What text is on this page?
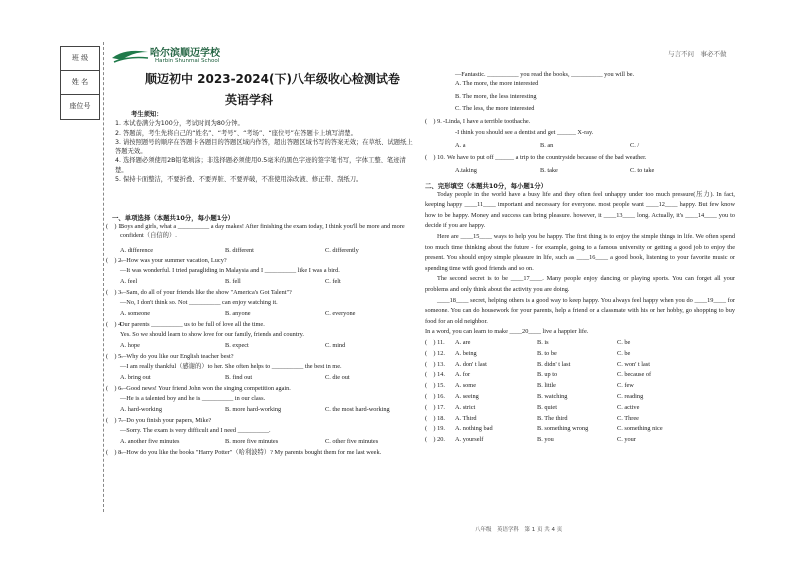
班 级
姓 名
座位号
哈尔滨顺迈学校
Harbin Shunmai School
与言不问　事必不做
顺迈初中 2023-2024(下)八年级收心检测试卷
英语学科

考生须知：

1. 本试卷满分为100分，考试时间为80分钟。

2. 答题前，考生先将自己的“姓名”、“考号”、“考场”、“座位号”在答题卡上填写清楚。

3. 请按照题号的顺序在答题卡各题目的答题区域内作答，超出答题区域书写的答案无效；在草纸、试题纸上答题无效。

4. 选择题必须使用2B铅笔填涂；非选择题必须使用0.5毫米的黑色字迹的签字笔书写，字体工整、笔迹清楚。

5. 保持卡面整洁，不要折叠、不要弄脏、不要弄破，不准使用涂改液、修正带、刮纸刀。

一、单项选择（本题共10分，每小题1分）
(　) 1.
Boys and girls, what a __________ a day makes! After finishing the exam today, I think you'll be more and more confident（自信的）.
A. difference	B. different	C. differently
(　) 2.
—How was your summer vacation, Lucy?
—It was wonderful. I tried paragliding in Malaysia and I __________ like I was a bird.
A. feel	B. fell	C. felt
(　) 3.
—Sam, do all of your friends like the show "America's Got Talent"?
—No, I don't think so. Not __________ can enjoy watching it.
A. someone	B. anyone	C. everyone
(　) 4.
Our parents __________ us to be full of love all the time.
Yes. So we should learn to show love for our family, friends and country.
A. hope	B. expect	C. mind
(　) 5.
—Why do you like our English teacher best?
—I am really thankful（感谢的）to her. She often helps to __________ the best in me.
A. bring out	B. find out	C. die out
(　) 6.
—Good news! Your friend John won the singing competition again.
—He is a talented boy and he is __________ in our class.
A. hard-working	B. more hard-working	C. the most hard-working
(　) 7.
—Do you finish your papers, Mike?
—Sorry. The exam is very difficult and I need __________.
A. another five minutes	B. more five minutes	C. other five minutes
(　) 8.
—How do you like the books "Harry Potter"（哈利波特）? My parents bought them for me last week.
—Fantastic. __________ you read the books, __________ you will be.
A. The more, the more interested
B. The more, the less interesting
C. The less, the more interested
(　) 9. -Linda, I have a terrible toothache.
-I think you should see a dentist and get ______ X-ray.
A. a	B. an	C. /
(　) 10. We have to put off ______ a trip to the countryside because of the bad weather.
A.taking	B. take	C. to take
二、完形填空（本题共10分，每小题1分）
Today people in the world have a busy life and they often feel unhappy under too much pressure(压力). In fact, keeping happy ____11____ important and necessary for everyone. most people want ____12____ happy. But few know how to be happy. Money and success can bring pleasure. however, it ____13____ long. Actually, it's ____14____ you to decide if you are happy.
Here are ____15____ ways to help you be happy. The first thing is to enjoy the simple things in life. We often spend too much time thinking about the future - for example, going to a famous university or getting a good job to enjoy the present. You should enjoy simple pleasure in life, such as ____16____ a good book, listening to your favorite music or spending time with good friends and so on.
The second secret is to be ____17____. Many people enjoy dancing or playing sports. You can forget all your problems and only think about the activity you are doing.
____18____ secret, helping others is a good way to keep happy. You always feel happy when you do ____19____ for someone. You can do housework for your parents, help a friend or a classmate with his or her hobby, go shopping to buy food for an old neighbor.
In a word, you can learn to make ____20____ live a happier life.
(　) 11. A. are	B. is	C. be
(　) 12. A. being	B. to be	C. be
(　) 13. A. don' t last	B. didn' t last	C. won' t last
(　) 14. A. for	B. up to	C. because of
(　) 15. A. some	B. little	C. few
(　) 16. A. seeing	B. watching	C. reading
(　) 17. A. strict	B. quiet	C. active
(　) 18. A. Third	B. The third	C. Three
(　) 19. A. nothing bad	B. something wrong	C. something nice
(　) 20. A. yourself	B. you	C. your
八年级　英语学科　第 1 页 共 4 页
